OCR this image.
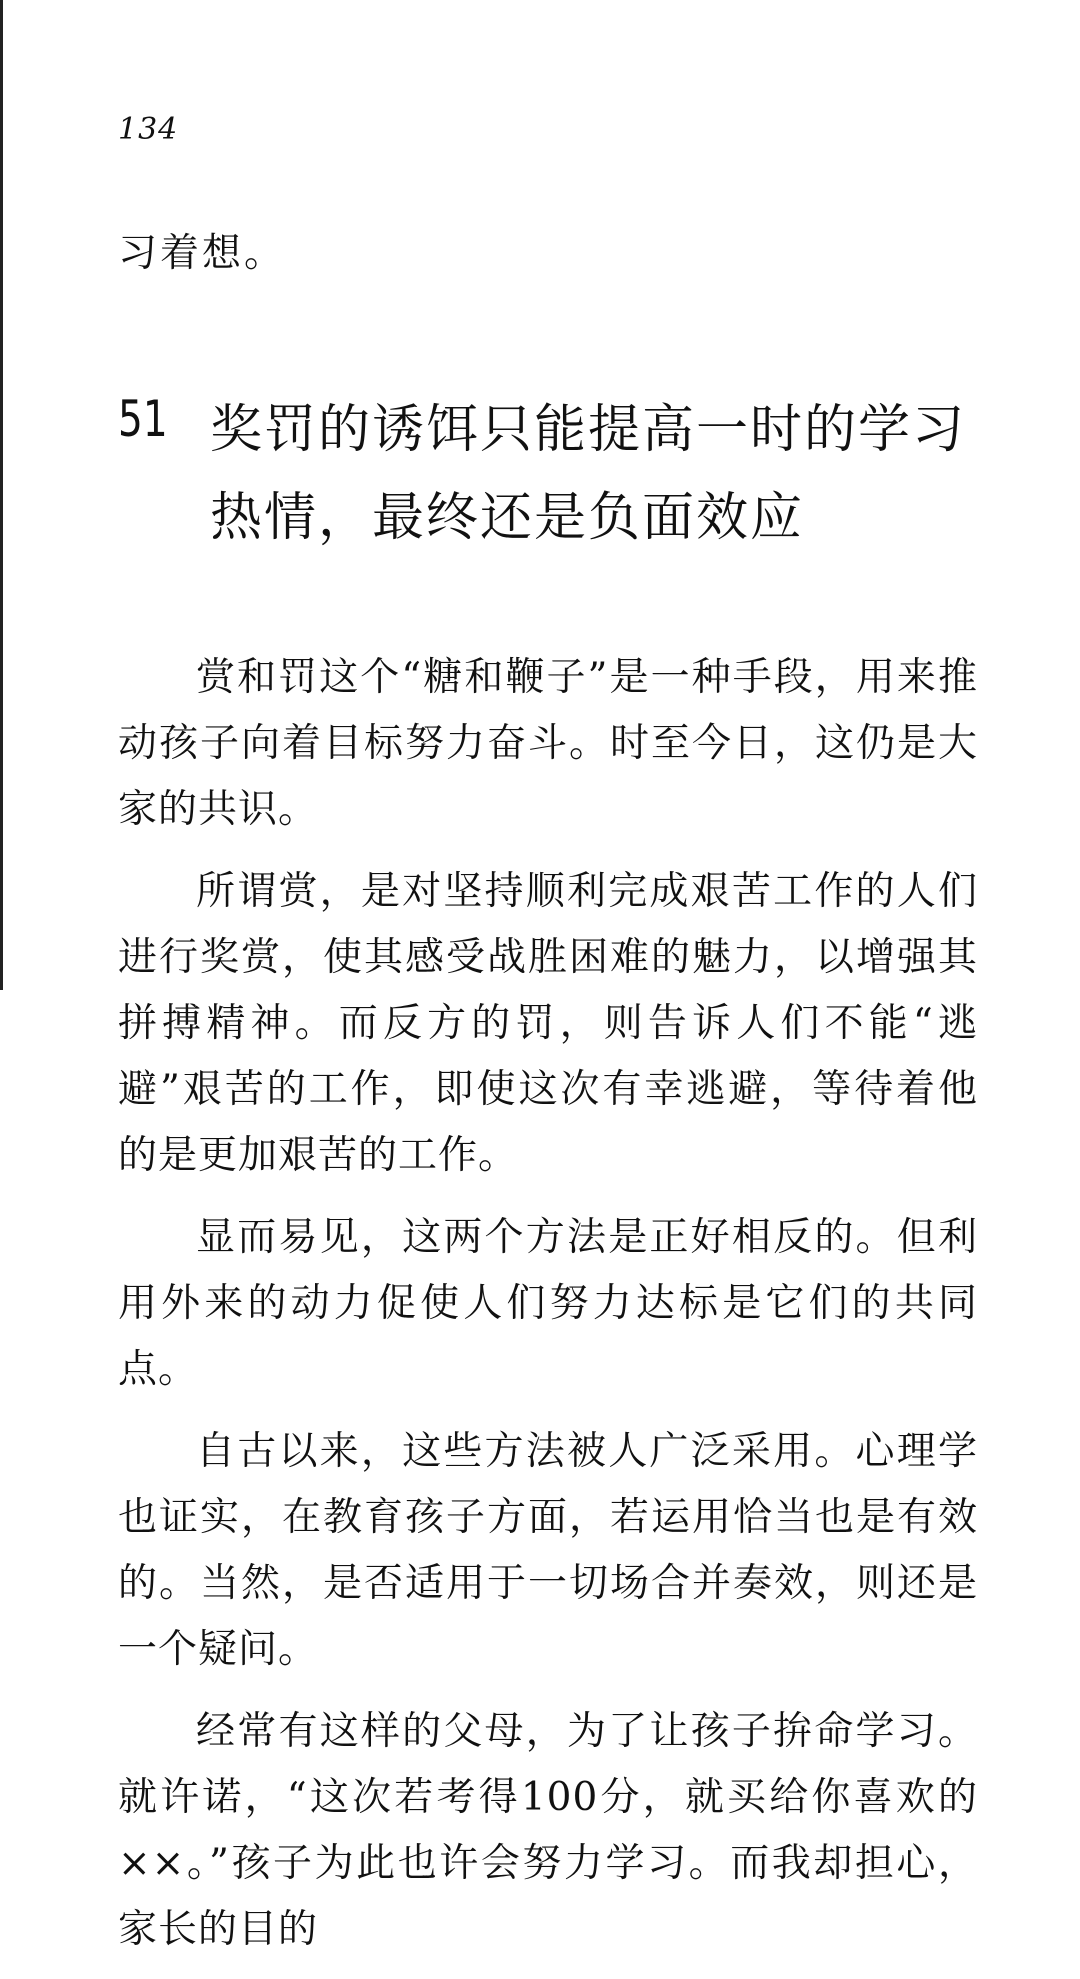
134
习着想。
51 奖罚的诱饵只能提高一时的学习热情，最终还是负面效应

赏和罚这个“糖和鞭子”是一种手段，用来推动孩子向着目标努力奋斗。时至今日，这仍是大家的共识。

所谓赏，是对坚持顺利完成艰苦工作的人们进行奖赏，使其感受战胜困难的魅力，以增强其拼搏精神。而反方的罚，则告诉人们不能“逃避”艰苦的工作，即使这次有幸逃避，等待着他的是更加艰苦的工作。

显而易见，这两个方法是正好相反的。但利用外来的动力促使人们努力达标是它们的共同点。

自古以来，这些方法被人广泛采用。心理学也证实，在教育孩子方面，若运用恰当也是有效的。当然，是否适用于一切场合并奏效，则还是一个疑问。

经常有这样的父母，为了让孩子拚命学习。就许诺，“这次若考得100分，就买给你喜欢的××。”孩子为此也许会努力学习。而我却担心，家长的目的
